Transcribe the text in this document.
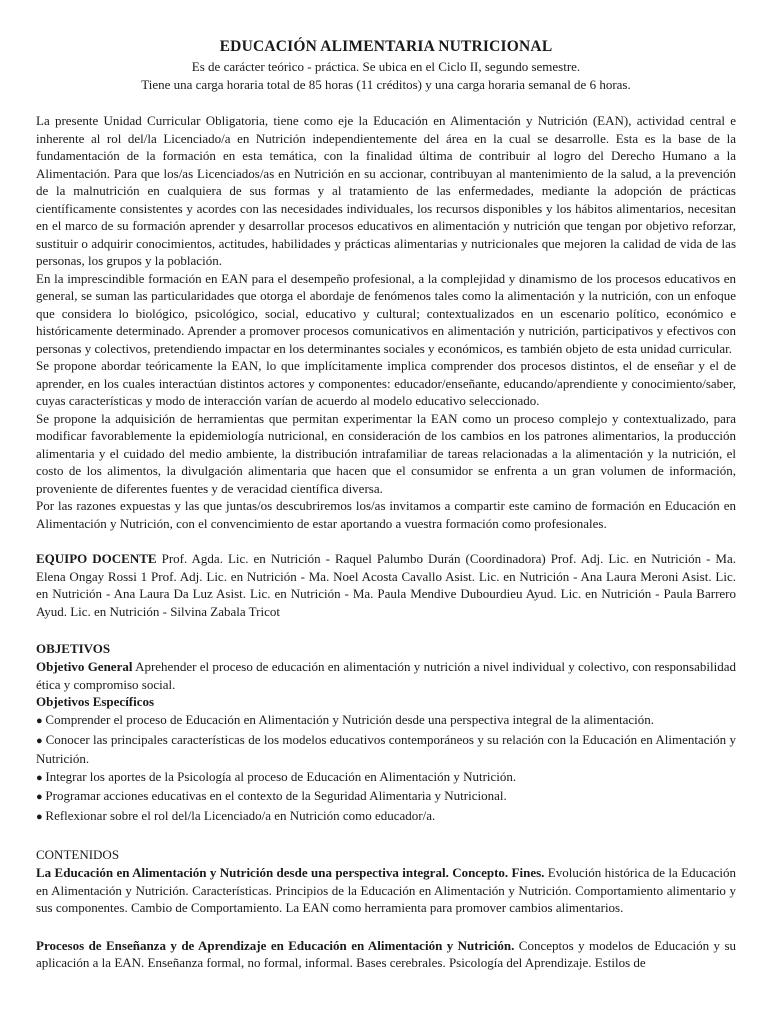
EDUCACIÓN ALIMENTARIA NUTRICIONAL

Es de carácter teórico - práctica. Se ubica en el Ciclo II, segundo semestre.

Tiene una carga horaria total de 85 horas (11 créditos) y una carga horaria semanal de 6 horas.

La presente Unidad Curricular Obligatoria, tiene como eje la Educación en Alimentación y Nutrición (EAN), actividad central e inherente al rol del/la Licenciado/a en Nutrición independientemente del área en la cual se desarrolle. Esta es la base de la fundamentación de la formación en esta temática, con la finalidad última de contribuir al logro del Derecho Humano a la Alimentación. Para que los/as Licenciados/as en Nutrición en su accionar, contribuyan al mantenimiento de la salud, a la prevención de la malnutrición en cualquiera de sus formas y al tratamiento de las enfermedades, mediante la adopción de prácticas científicamente consistentes y acordes con las necesidades individuales, los recursos disponibles y los hábitos alimentarios, necesitan en el marco de su formación aprender y desarrollar procesos educativos en alimentación y nutrición que tengan por objetivo reforzar, sustituir o adquirir conocimientos, actitudes, habilidades y prácticas alimentarias y nutricionales que mejoren la calidad de vida de las personas, los grupos y la población.

En la imprescindible formación en EAN para el desempeño profesional, a la complejidad y dinamismo de los procesos educativos en general, se suman las particularidades que otorga el abordaje de fenómenos tales como la alimentación y la nutrición, con un enfoque que considera lo biológico, psicológico, social, educativo y cultural; contextualizados en un escenario político, económico e históricamente determinado. Aprender a promover procesos comunicativos en alimentación y nutrición, participativos y efectivos con personas y colectivos, pretendiendo impactar en los determinantes sociales y económicos, es también objeto de esta unidad curricular.

Se propone abordar teóricamente la EAN, lo que implícitamente implica comprender dos procesos distintos, el de enseñar y el de aprender, en los cuales interactúan distintos actores y componentes: educador/enseñante, educando/aprendiente y conocimiento/saber, cuyas características y modo de interacción varían de acuerdo al modelo educativo seleccionado.

Se propone la adquisición de herramientas que permitan experimentar la EAN como un proceso complejo y contextualizado, para modificar favorablemente la epidemiología nutricional, en consideración de los cambios en los patrones alimentarios, la producción alimentaria y el cuidado del medio ambiente, la distribución intrafamiliar de tareas relacionadas a la alimentación y la nutrición, el costo de los alimentos, la divulgación alimentaria que hacen que el consumidor se enfrenta a un gran volumen de información, proveniente de diferentes fuentes y de veracidad científica diversa.

Por las razones expuestas y las que juntas/os descubriremos los/as invitamos a compartir este camino de formación en Educación en Alimentación y Nutrición, con el convencimiento de estar aportando a vuestra formación como profesionales.

EQUIPO DOCENTE Prof. Agda. Lic. en Nutrición - Raquel Palumbo Durán (Coordinadora) Prof. Adj. Lic. en Nutrición - Ma. Elena Ongay Rossi 1 Prof. Adj. Lic. en Nutrición - Ma. Noel Acosta Cavallo Asist. Lic. en Nutrición - Ana Laura Meroni Asist. Lic. en Nutrición - Ana Laura Da Luz Asist. Lic. en Nutrición - Ma. Paula Mendive Dubourdieu Ayud. Lic. en Nutrición - Paula Barrero Ayud. Lic. en Nutrición - Silvina Zabala Tricot

OBJETIVOS

Objetivo General Aprehender el proceso de educación en alimentación y nutrición a nivel individual y colectivo, con responsabilidad ética y compromiso social.

Objetivos Específicos

● Comprender el proceso de Educación en Alimentación y Nutrición desde una perspectiva integral de la alimentación.
● Conocer las principales características de los modelos educativos contemporáneos y su relación con la Educación en Alimentación y Nutrición.
● Integrar los aportes de la Psicología al proceso de Educación en Alimentación y Nutrición.
● Programar acciones educativas en el contexto de la Seguridad Alimentaria y Nutricional.
● Reflexionar sobre el rol del/la Licenciado/a en Nutrición como educador/a.

CONTENIDOS

La Educación en Alimentación y Nutrición desde una perspectiva integral. Concepto. Fines. Evolución histórica de la Educación en Alimentación y Nutrición. Características. Principios de la Educación en Alimentación y Nutrición. Comportamiento alimentario y sus componentes. Cambio de Comportamiento. La EAN como herramienta para promover cambios alimentarios.

Procesos de Enseñanza y de Aprendizaje en Educación en Alimentación y Nutrición. Conceptos y modelos de Educación y su aplicación a la EAN. Enseñanza formal, no formal, informal. Bases cerebrales. Psicología del Aprendizaje. Estilos de
